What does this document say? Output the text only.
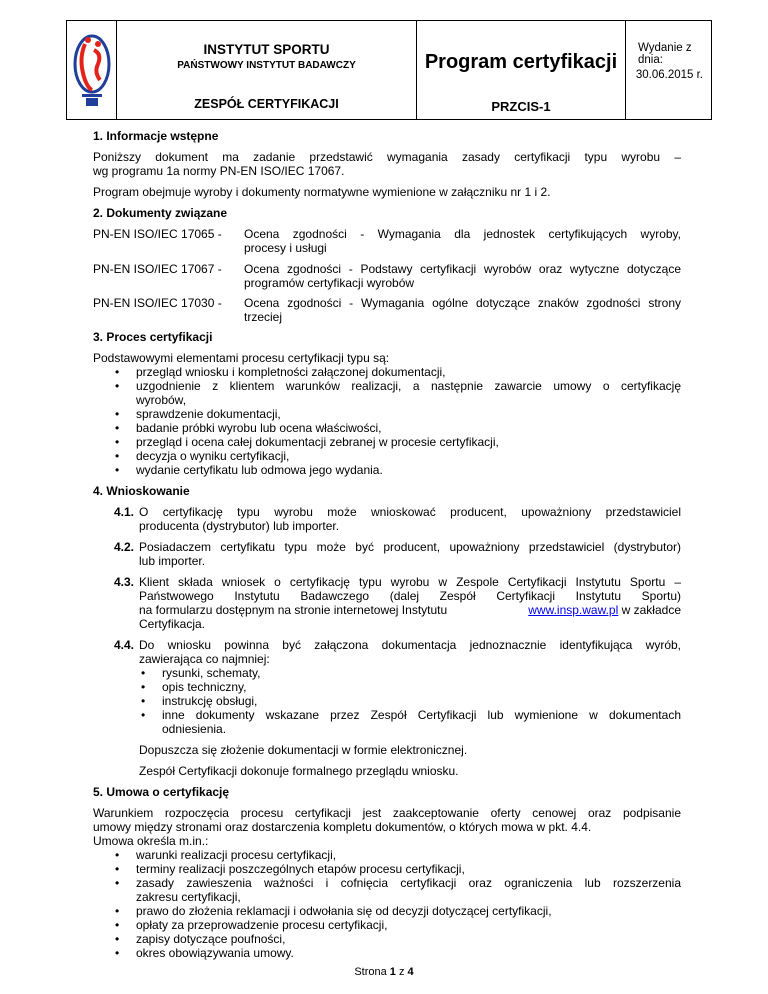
INSTYTUT SPORTU
PAŃSTWOWY INSTYTUT BADAWCZY
ZESPÓŁ CERTYFIKACJI
Program certyfikacji
PRZCIS-1
Wydanie z dnia:
30.06.2015 r.
1. Informacje wstępne
Poniższy dokument ma zadanie przedstawić wymagania zasady certyfikacji typu wyrobu –
wg programu 1a normy PN-EN ISO/IEC 17067.
Program obejmuje wyroby i dokumenty normatywne wymienione w załączniku nr 1 i 2.
2. Dokumenty związane
PN-EN ISO/IEC 17065 - Ocena zgodności - Wymagania dla jednostek certyfikujących wyroby,
procesy i usługi
PN-EN ISO/IEC 17067 - Ocena zgodności - Podstawy certyfikacji wyrobów oraz wytyczne dotyczące
programów certyfikacji wyrobów
PN-EN ISO/IEC 17030 - Ocena zgodności - Wymagania ogólne dotyczące znaków zgodności strony
trzeciej
3. Proces certyfikacji
Podstawowymi elementami procesu certyfikacji typu są:
• przegląd wniosku i kompletności załączonej dokumentacji,
• uzgodnienie z klientem warunków realizacji, a następnie zawarcie umowy o certyfikację
wyrobów,
• sprawdzenie dokumentacji,
• badanie próbki wyrobu lub ocena właściwości,
• przegląd i ocena całej dokumentacji zebranej w procesie certyfikacji,
• decyzja o wyniku certyfikacji,
• wydanie certyfikatu lub odmowa jego wydania.
4. Wnioskowanie
4.1. O certyfikację typu wyrobu może wnioskować producent, upoważniony przedstawiciel
producenta (dystrybutor) lub importer.
4.2. Posiadaczem certyfikatu typu może być producent, upoważniony przedstawiciel (dystrybutor)
lub importer.
4.3. Klient składa wniosek o certyfikację typu wyrobu w Zespole Certyfikacji Instytutu Sportu –
Państwowego Instytutu Badawczego (dalej Zespół Certyfikacji Instytutu Sportu)
na formularzu dostępnym na stronie internetowej Instytutu	www.insp.waw.pl w zakładce
Certyfikacja.
4.4. Do wniosku powinna być załączona dokumentacja jednoznacznie identyfikująca wyrób,
zawierająca co najmniej:
• rysunki, schematy,
• opis techniczny,
• instrukcję obsługi,
• inne dokumenty wskazane przez Zespół Certyfikacji lub wymienione w dokumentach
odniesienia.
Dopuszcza się złożenie dokumentacji w formie elektronicznej.
Zespół Certyfikacji dokonuje formalnego przeglądu wniosku.
5. Umowa o certyfikację
Warunkiem rozpoczęcia procesu certyfikacji jest zaakceptowanie oferty cenowej oraz podpisanie
umowy między stronami oraz dostarczenia kompletu dokumentów, o których mowa w pkt. 4.4.
Umowa określa m.in.:
• warunki realizacji procesu certyfikacji,
• terminy realizacji poszczególnych etapów procesu certyfikacji,
• zasady zawieszenia ważności i cofnięcia certyfikacji oraz ograniczenia lub rozszerzenia
zakresu certyfikacji,
• prawo do złożenia reklamacji i odwołania się od decyzji dotyczącej certyfikacji,
• opłaty za przeprowadzenie procesu certyfikacji,
• zapisy dotyczące poufności,
• okres obowiązywania umowy.
Strona 1 z 4
